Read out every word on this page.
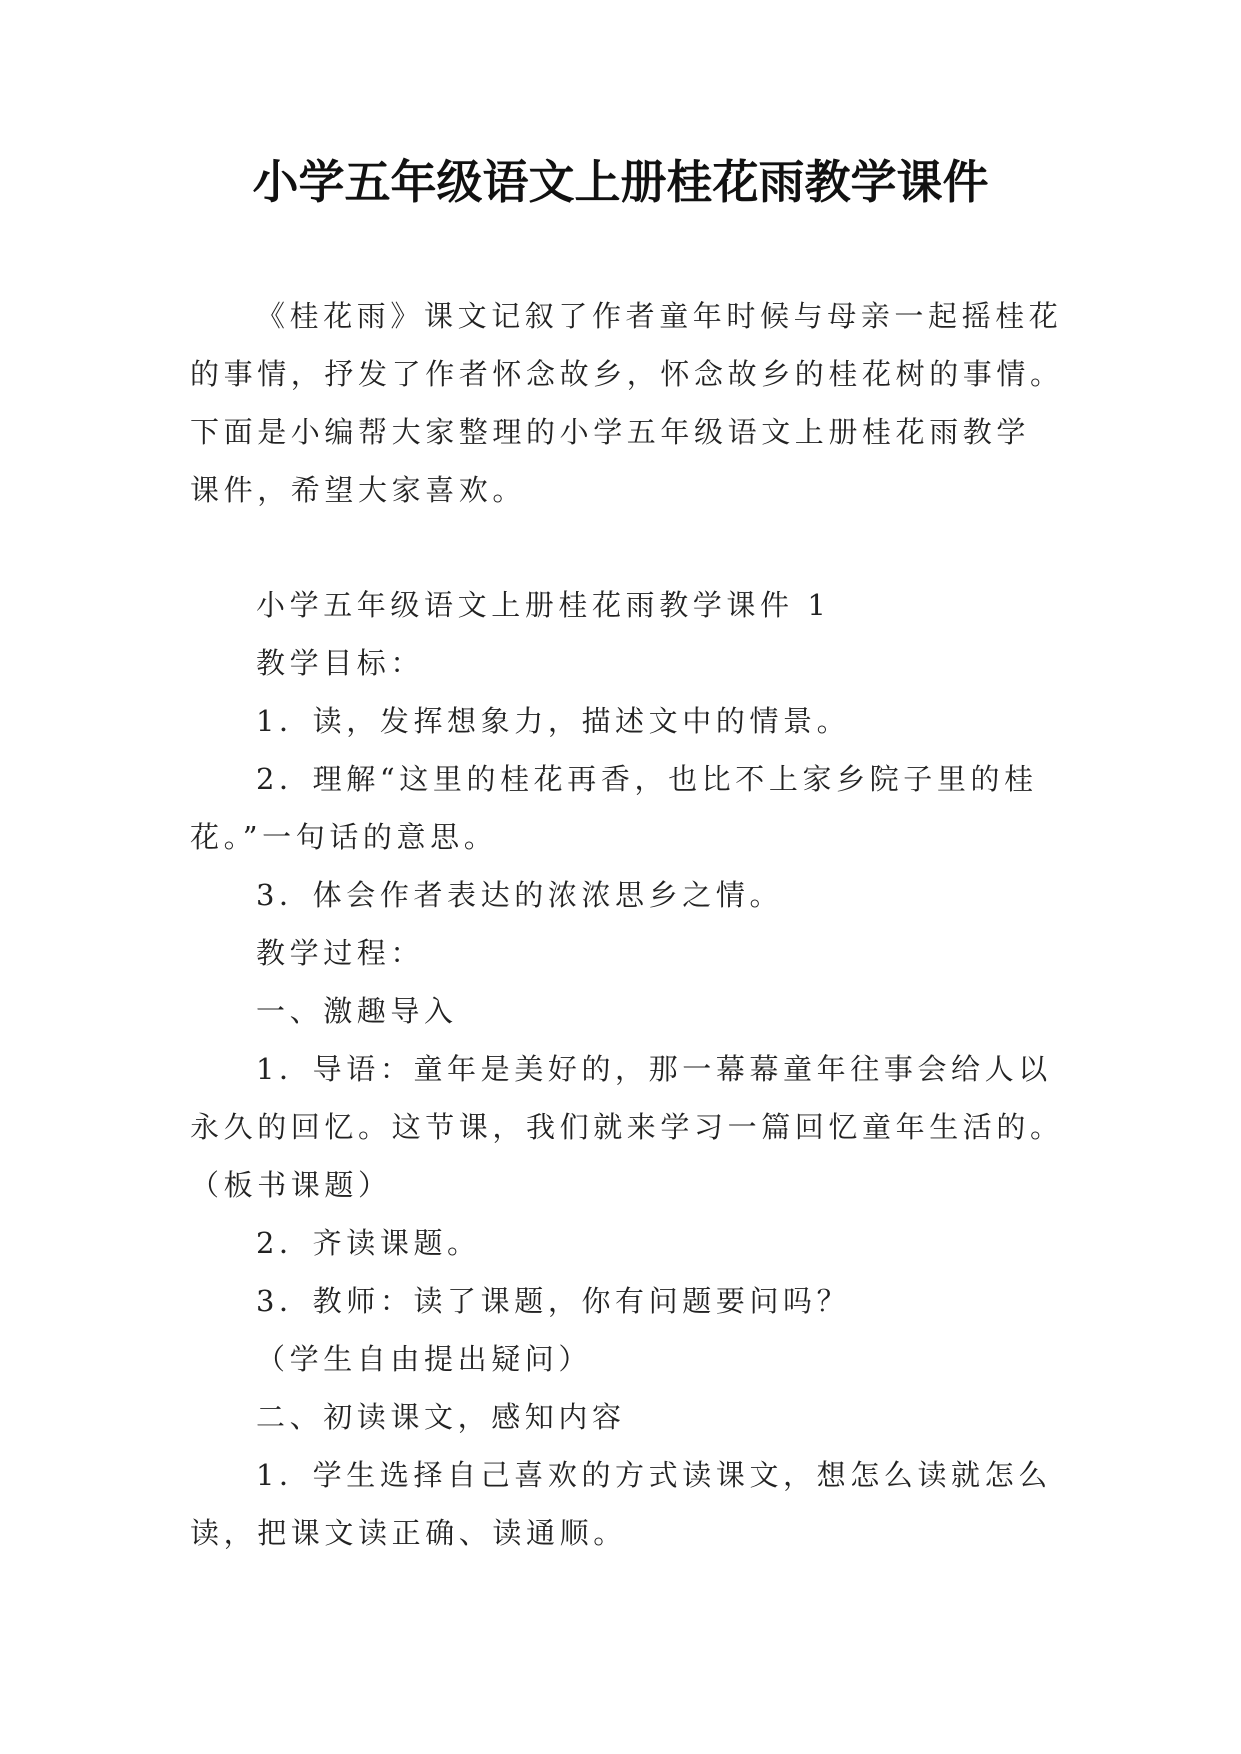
小学五年级语文上册桂花雨教学课件
《桂花雨》课文记叙了作者童年时候与母亲一起摇桂花
的事情，抒发了作者怀念故乡，怀念故乡的桂花树的事情。
下面是小编帮大家整理的小学五年级语文上册桂花雨教学
课件，希望大家喜欢。
小学五年级语文上册桂花雨教学课件 1
教学目标：
1．读，发挥想象力，描述文中的情景。
2．理解“这里的桂花再香，也比不上家乡院子里的桂
花。”一句话的意思。
3．体会作者表达的浓浓思乡之情。
教学过程：
一、激趣导入
1．导语：童年是美好的，那一幕幕童年往事会给人以
永久的回忆。这节课，我们就来学习一篇回忆童年生活的。
（板书课题）
2．齐读课题。
3．教师：读了课题，你有问题要问吗？
（学生自由提出疑问）
二、初读课文，感知内容
1．学生选择自己喜欢的方式读课文，想怎么读就怎么
读，把课文读正确、读通顺。
